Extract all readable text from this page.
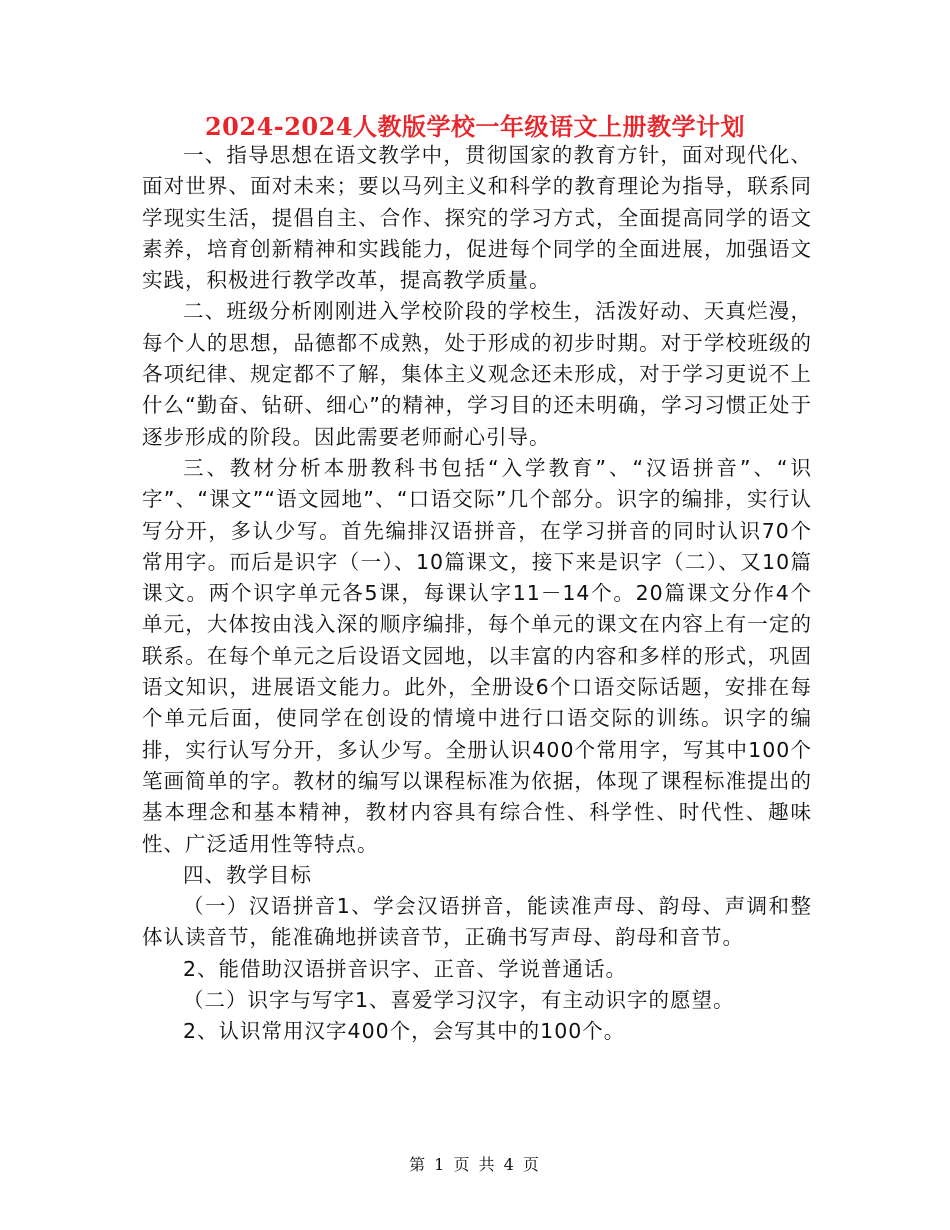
2024-2024人教版学校一年级语文上册教学计划

一、指导思想在语文教学中，贯彻国家的教育方针，面对现代化、面对世界、面对未来；要以马列主义和科学的教育理论为指导，联系同学现实生活，提倡自主、合作、探究的学习方式，全面提高同学的语文素养，培育创新精神和实践能力，促进每个同学的全面进展，加强语文实践，积极进行教学改革，提高教学质量。

二、班级分析刚刚进入学校阶段的学校生，活泼好动、天真烂漫，每个人的思想，品德都不成熟，处于形成的初步时期。对于学校班级的各项纪律、规定都不了解，集体主义观念还未形成，对于学习更说不上什么“勤奋、钻研、细心”的精神，学习目的还未明确，学习习惯正处于逐步形成的阶段。因此需要老师耐心引导。

三、教材分析本册教科书包括“入学教育”、“汉语拼音”、“识字”、“课文”“语文园地”、“口语交际”几个部分。识字的编排，实行认写分开，多认少写。首先编排汉语拼音，在学习拼音的同时认识70个常用字。而后是识字（一）、10篇课文，接下来是识字（二）、又10篇课文。两个识字单元各5课，每课认字11－14个。20篇课文分作4个单元，大体按由浅入深的顺序编排，每个单元的课文在内容上有一定的联系。在每个单元之后设语文园地，以丰富的内容和多样的形式，巩固语文知识，进展语文能力。此外，全册设6个口语交际话题，安排在每个单元后面，使同学在创设的情境中进行口语交际的训练。识字的编排，实行认写分开，多认少写。全册认识400个常用字，写其中100个笔画简单的字。教材的编写以课程标准为依据，体现了课程标准提出的基本理念和基本精神，教材内容具有综合性、科学性、时代性、趣味性、广泛适用性等特点。

四、教学目标

（一）汉语拼音1、学会汉语拼音，能读准声母、韵母、声调和整体认读音节，能准确地拼读音节，正确书写声母、韵母和音节。

2、能借助汉语拼音识字、正音、学说普通话。

（二）识字与写字1、喜爱学习汉字，有主动识字的愿望。

2、认识常用汉字400个，会写其中的100个。

第 1 页 共 4 页
